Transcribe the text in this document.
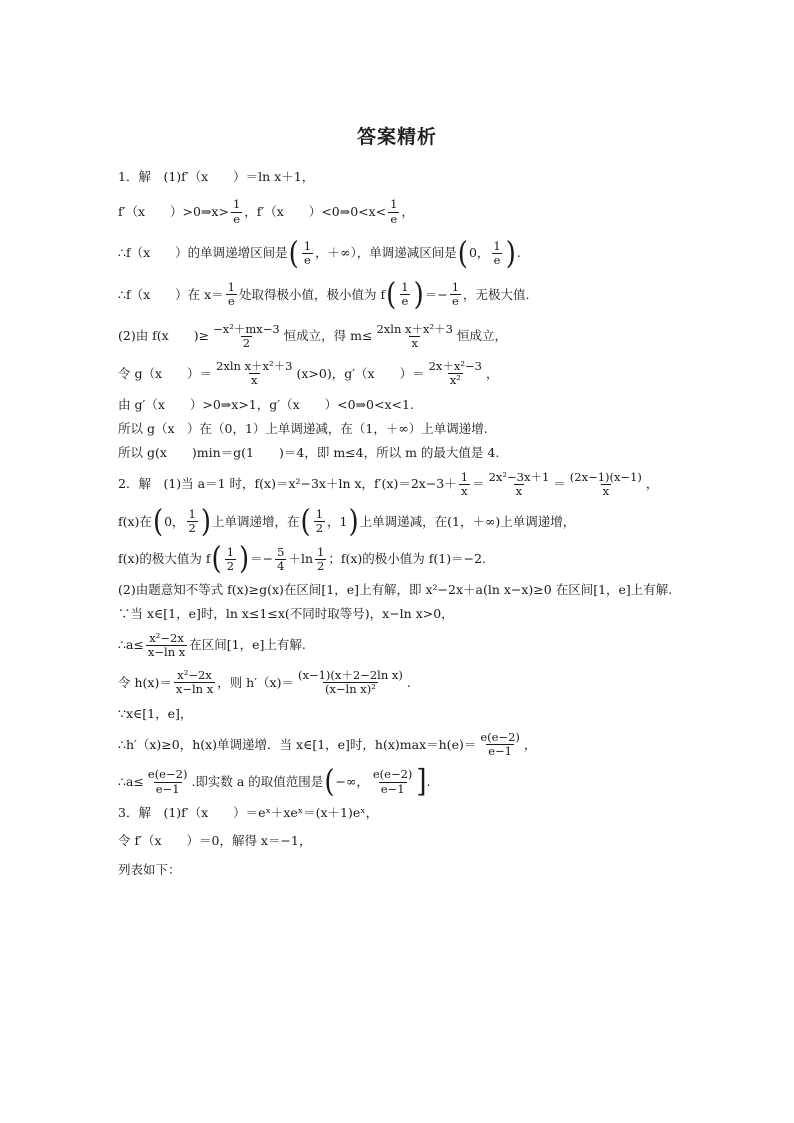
答案精析
1．解　(1)f′（x　　）＝ln x＋1，
f′（x　　）>0⇒x> $\frac{1}{e}$ ，f′（x　　）<0⇒0<x< $\frac{1}{e}$ ，
∴f（x　　）的单调递增区间是 ( $\frac{1}{e}$ ，＋∞），单调递减区间是 ( 0， $\frac{1}{e}$ ) .
∴f（x　　）在 $x= \frac{1}{e}$ 处取得极小值，极小值为 f ( $\frac{1}{e}$ ) ＝− $\frac{1}{e}$ ，无极大值.
(2)由 f(x　　)≥ $\frac{\text{−x²＋mx−3}}{2}$ 恒成立，得 $m\le \frac{\text{2xln x＋x²＋3}}{x}$ 恒成立，
令 g（x　　）＝ $\frac{\text{2xln x＋x²＋3}}{x} (x>0)$，g′（x　　）＝ $\frac{\text{2x＋x²−3}}{\text{x²}}$ ，
由 g′（x　　）>0⇒x>1，g′（x　　）<0⇒0<x<1.
所以 g（x　）在（0，1）上单调递减，在（1，＋∞）上单调递增.
所以 g(x　　)min＝g(1　　)＝4，即 m≤4，所以 m 的最大值是 4.
2．解　(1)当 a＝1 时，f(x)＝x²−3x＋ln x，$f'(x)=2x-3+ \frac{1}{x} = \frac{\text{2x²−3x＋1}}{x} = \frac{(2x-1)(x-1)}{x}$ ，
f(x)在 ( 0， $\frac{1}{2}$ ) 上单调递增，在 ( $\frac{1}{2}$ ，1 ) 上单调递减，在(1，＋∞)上单调递增，
f(x)的极大值为 f ( $\frac{1}{2}$ ) ＝− $\frac{5}{4} +\ln \frac{1}{2}$ ；f(x)的极小值为 f(1)＝−2.
(2)由题意知不等式 f(x)≥g(x)在区间[1，e]上有解，即 x²−2x＋a(ln x−x)≥0 在区间[1，e]上有解.
∵当 x∈[1，e]时，ln x≤1≤x(不同时取等号)，x−ln x>0，
∴a≤ $\frac{\text{x²−2x}}{\text{x−ln x}}$ 在区间[1，e]上有解.
令 $h(x)= \frac{\text{x²−2x}}{\text{x−ln x}}$ ，则 $h'(x)= \frac{\text{(x−1)(x＋2−2ln x)}}{\text{(x−ln x)²}}$ .
∵x∈[1，e]，
∴h′（x)≥0，h(x)单调递增．当 x∈[1，e]时，$h(x)\max=h(e)= \frac{e(e-2)}{e-1}$ ，
∴a≤ $\frac{e(e-2)}{e-1}$ .即实数 a 的取值范围是 ( −∞， $\frac{e(e-2)}{e-1}$ ] .
3．解　(1)f′（x　　）＝eˣ＋xeˣ＝(x＋1)eˣ，
令 f′（x　　）＝0，解得 x＝−1，
列表如下：
